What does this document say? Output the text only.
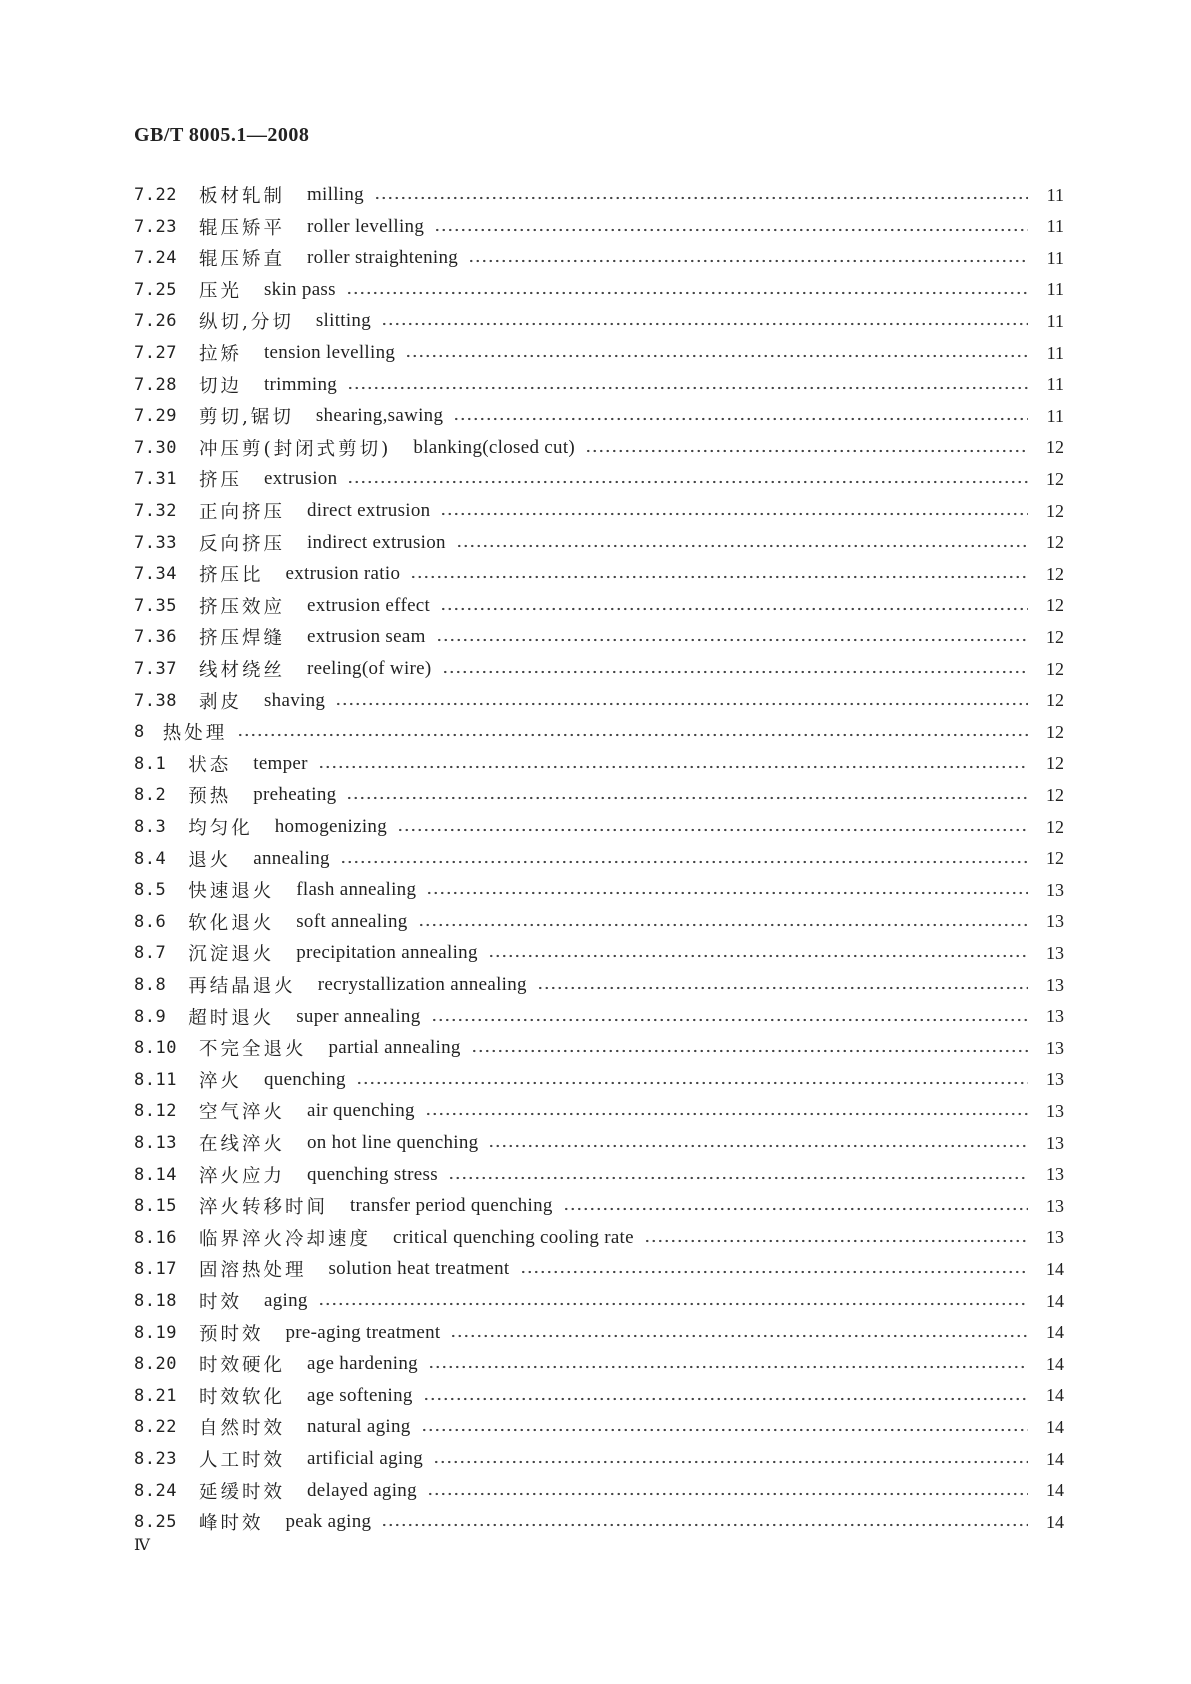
GB/T 8005.1—2008
7.22 板材轧制 milling	11
7.23 辊压矫平 roller levelling	11
7.24 辊压矫直 roller straightening	11
7.25 压光 skin pass	11
7.26 纵切,分切 slitting	11
7.27 拉矫 tension levelling	11
7.28 切边 trimming	11
7.29 剪切,锯切 shearing,sawing	11
7.30 冲压剪(封闭式剪切) blanking(closed cut)	12
7.31 挤压 extrusion	12
7.32 正向挤压 direct extrusion	12
7.33 反向挤压 indirect extrusion	12
7.34 挤压比 extrusion ratio	12
7.35 挤压效应 extrusion effect	12
7.36 挤压焊缝 extrusion seam	12
7.37 线材绕丝 reeling(of wire)	12
7.38 剥皮 shaving	12
8 热处理	12
8.1 状态 temper	12
8.2 预热 preheating	12
8.3 均匀化 homogenizing	12
8.4 退火 annealing	12
8.5 快速退火 flash annealing	13
8.6 软化退火 soft annealing	13
8.7 沉淀退火 precipitation annealing	13
8.8 再结晶退火 recrystallization annealing	13
8.9 超时退火 super annealing	13
8.10 不完全退火 partial annealing	13
8.11 淬火 quenching	13
8.12 空气淬火 air quenching	13
8.13 在线淬火 on hot line quenching	13
8.14 淬火应力 quenching stress	13
8.15 淬火转移时间 transfer period quenching	13
8.16 临界淬火冷却速度 critical quenching cooling rate	13
8.17 固溶热处理 solution heat treatment	14
8.18 时效 aging	14
8.19 预时效 pre-aging treatment	14
8.20 时效硬化 age hardening	14
8.21 时效软化 age softening	14
8.22 自然时效 natural aging	14
8.23 人工时效 artificial aging	14
8.24 延缓时效 delayed aging	14
8.25 峰时效 peak aging	14
Ⅳ
